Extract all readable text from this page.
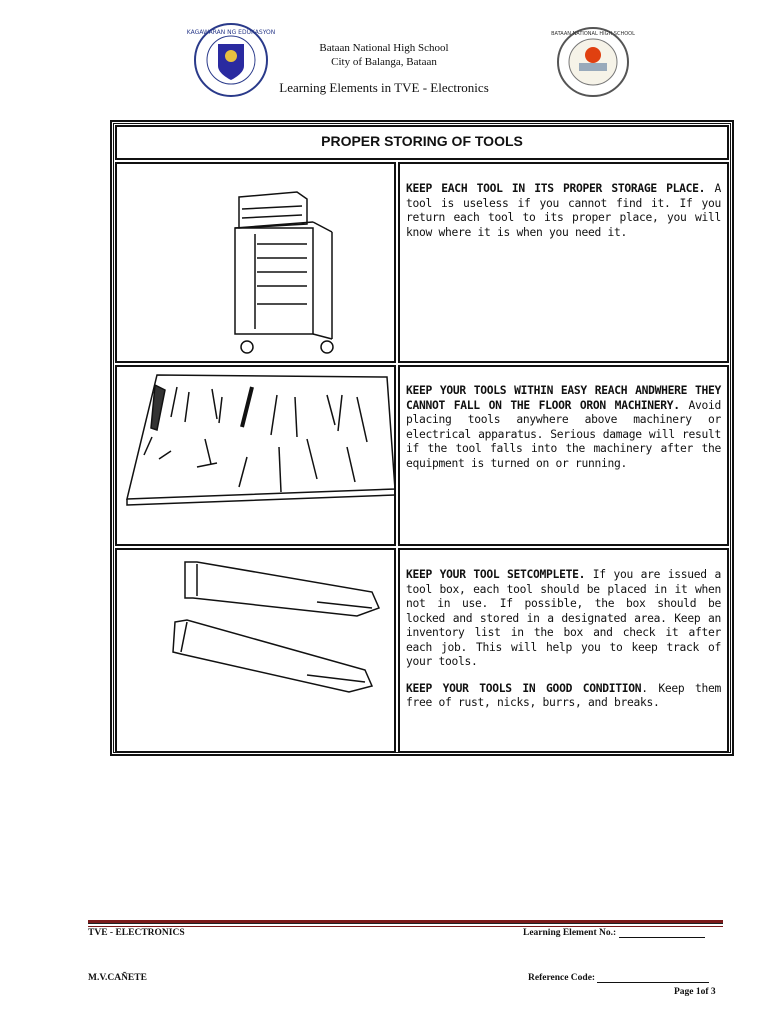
KAGAWARAN NG EDUKASYON
Bataan National High School
City of Balanga, Bataan
Learning Elements in TVE - Electronics
BATAAN NATIONAL HIGH SCHOOL
PROPER STORING OF TOOLS

KEEP EACH TOOL IN ITS PROPER STORAGE PLACE. A tool is useless if you cannot find it. If you return each tool to its proper place, you will know where it is when you need it.

KEEP YOUR TOOLS WITHIN EASY REACH ANDWHERE THEY CANNOT FALL ON THE FLOOR ORON MACHINERY. Avoid placing tools anywhere above machinery or electrical apparatus. Serious damage will result if the tool falls into the machinery after the equipment is turned on or running.

KEEP YOUR TOOL SETCOMPLETE. If you are issued a tool box, each tool should be placed in it when not in use. If possible, the box should be locked and stored in a designated area. Keep an inventory list in the box and check it after each job. This will help you to keep track of your tools.

KEEP YOUR TOOLS IN GOOD CONDITION. Keep them free of rust, nicks, burrs, and breaks.

TVE - ELECTRONICS	Learning Element No.:
M.V.CAÑETE	Reference Code:
Page 1of 3
